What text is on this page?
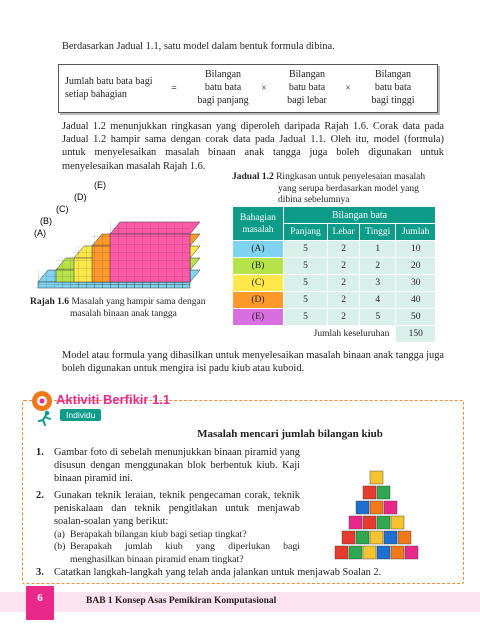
Berdasarkan Jadual 1.1, satu model dalam bentuk formula dibina.
Jumlah batu bata bagi
setiap bahagian
=
Bilangan
batu bata
bagi panjang
×
Bilangan
batu bata
bagi lebar
×
Bilangan
batu bata
bagi tinggi
Jadual 1.2 menunjukkan ringkasan yang diperoleh daripada Rajah 1.6. Corak data pada Jadual 1.2 hampir sama dengan corak data pada Jadual 1.1. Oleh itu, model (formula) untuk menyelesaikan masalah binaan anak tangga juga boleh digunakan untuk menyelesaikan masalah Rajah 1.6.
(A)
(B)
(C)
(D)
(E)
Rajah 1.6 Masalah yang hampir sama dengan
masalah binaan anak tangga
Jadual 1.2 Ringkasan untuk penyelesaian masalah
yang serupa berdasarkan model yang
dibina sebelumnya
Bahagian
masalah	Bilangan bata			
	Panjang	Lebar	Tinggi	Jumlah
(A)	5	2	1	10
(B)	5	2	2	20
(C)	5	2	3	30
(D)	5	2	4	40
(E)	5	2	5	50
Jumlah keseluruhan				150
Model atau formula yang dihasilkan untuk menyelesaikan masalah binaan anak tangga juga boleh digunakan untuk mengira isi padu kiub atau kuboid.
Aktiviti Berfikir 1.1
Individu
Masalah mencari jumlah bilangan kiub
1. Gambar foto di sebelah menunjukkan binaan piramid yang disusun dengan menggunakan blok berbentuk kiub. Kaji binaan piramid ini.
2. Gunakan teknik leraian, teknik pengecaman corak, teknik peniskalaan dan teknik pengitlakan untuk menjawab soalan-soalan yang berikut:
(a) Berapakah bilangan kiub bagi setiap tingkat?
(b) Berapakah jumlah kiub yang diperlukan bagi menghasilkan binaan piramid enam tingkat?
3. Catatkan langkah-langkah yang telah anda jalankan untuk menjawab Soalan 2.
6	BAB 1 Konsep Asas Pemikiran Komputasional
